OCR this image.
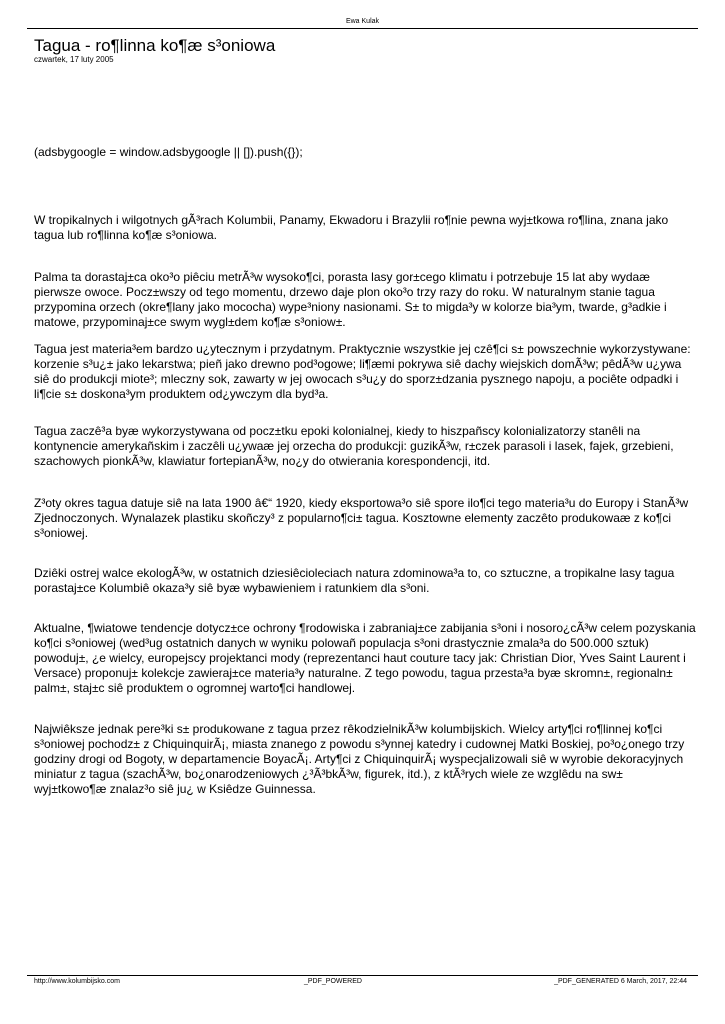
Ewa Kulak
Tagua - ro¶linna ko¶æ s³oniowa
czwartek, 17 luty 2005

(adsbygoogle = window.adsbygoogle || []).push({});

W tropikalnych i wilgotnych gÃ³rach Kolumbii, Panamy, Ekwadoru i Brazylii ro¶nie pewna wyj±tkowa ro¶lina, znana jako tagua lub ro¶linna ko¶æ s³oniowa.

Palma ta dorastaj±ca oko³o piêciu metrÃ³w wysoko¶ci, porasta lasy gor±cego klimatu i potrzebuje 15 lat aby wydaæ pierwsze owoce. Pocz±wszy od tego momentu, drzewo daje plon oko³o trzy razy do roku. W naturalnym stanie tagua przypomina orzech (okre¶lany jako mococha) wype³niony nasionami. S± to migda³y w kolorze bia³ym, twarde, g³adkie i matowe, przypominaj±ce swym wygl±dem ko¶æ s³oniow±.

Tagua jest materia³em bardzo u¿ytecznym i przydatnym. Praktycznie wszystkie jej czê¶ci s± powszechnie wykorzystywane: korzenie s³u¿± jako lekarstwa; pieñ jako drewno pod³ogowe; li¶æmi pokrywa siê dachy wiejskich domÃ³w; pêdÃ³w u¿ywa siê do produkcji miote³; mleczny sok, zawarty w jej owocach s³u¿y do sporz±dzania pysznego napoju, a pociête odpadki i li¶cie s± doskona³ym produktem od¿ywczym dla byd³a.

Tagua zaczê³a byæ wykorzystywana od pocz±tku epoki kolonialnej, kiedy to hiszpañscy kolonializatorzy stanêli na kontynencie amerykañskim i zaczêli u¿ywaæ jej orzecha do produkcji: guzikÃ³w, r±czek parasoli i lasek, fajek, grzebieni, szachowych pionkÃ³w, klawiatur fortepianÃ³w, no¿y do otwierania korespondencji, itd.

Z³oty okres tagua datuje siê na lata 1900 â€“ 1920, kiedy eksportowa³o siê spore ilo¶ci tego materia³u do Europy i StanÃ³w Zjednoczonych. Wynalazek plastiku skoñczy³ z popularno¶ci± tagua. Kosztowne elementy zaczêto produkowaæ z ko¶ci s³oniowej.

Dziêki ostrej walce ekologÃ³w, w ostatnich dziesiêcioleciach natura zdominowa³a to, co sztuczne, a tropikalne lasy tagua porastaj±ce Kolumbiê okaza³y siê byæ wybawieniem i ratunkiem dla s³oni.

Aktualne, ¶wiatowe tendencje dotycz±ce ochrony ¶rodowiska i zabraniaj±ce zabijania s³oni i nosoro¿cÃ³w celem pozyskania ko¶ci s³oniowej (wed³ug ostatnich danych w wyniku polowañ populacja s³oni drastycznie zmala³a do 500.000 sztuk) powoduj±, ¿e wielcy, europejscy projektanci mody (reprezentanci haut couture tacy jak: Christian Dior, Yves Saint Laurent i Versace) proponuj± kolekcje zawieraj±ce materia³y naturalne. Z tego powodu, tagua przesta³a byæ skromn±, regionaln± palm±, staj±c siê produktem o ogromnej warto¶ci handlowej.

Najwiêksze jednak pere³ki s± produkowane z tagua przez rêkodzielnikÃ³w kolumbijskich. Wielcy arty¶ci ro¶linnej ko¶ci s³oniowej pochodz± z ChiquinquirÃ¡, miasta znanego z powodu s³ynnej katedry i cudownej Matki Boskiej, po³o¿onego trzy godziny drogi od Bogoty, w departamencie BoyacÃ¡. Arty¶ci z ChiquinquirÃ¡ wyspecjalizowali siê w wyrobie dekoracyjnych miniatur z tagua (szachÃ³w, bo¿onarodzeniowych ¿³Ã³bkÃ³w, figurek, itd.), z ktÃ³rych wiele ze wzglêdu na sw± wyj±tkowo¶æ znalaz³o siê ju¿ w Ksiêdze Guinnessa.

http://www.kolumbijsko.com	_PDF_POWERED	_PDF_GENERATED 6 March, 2017, 22:44
